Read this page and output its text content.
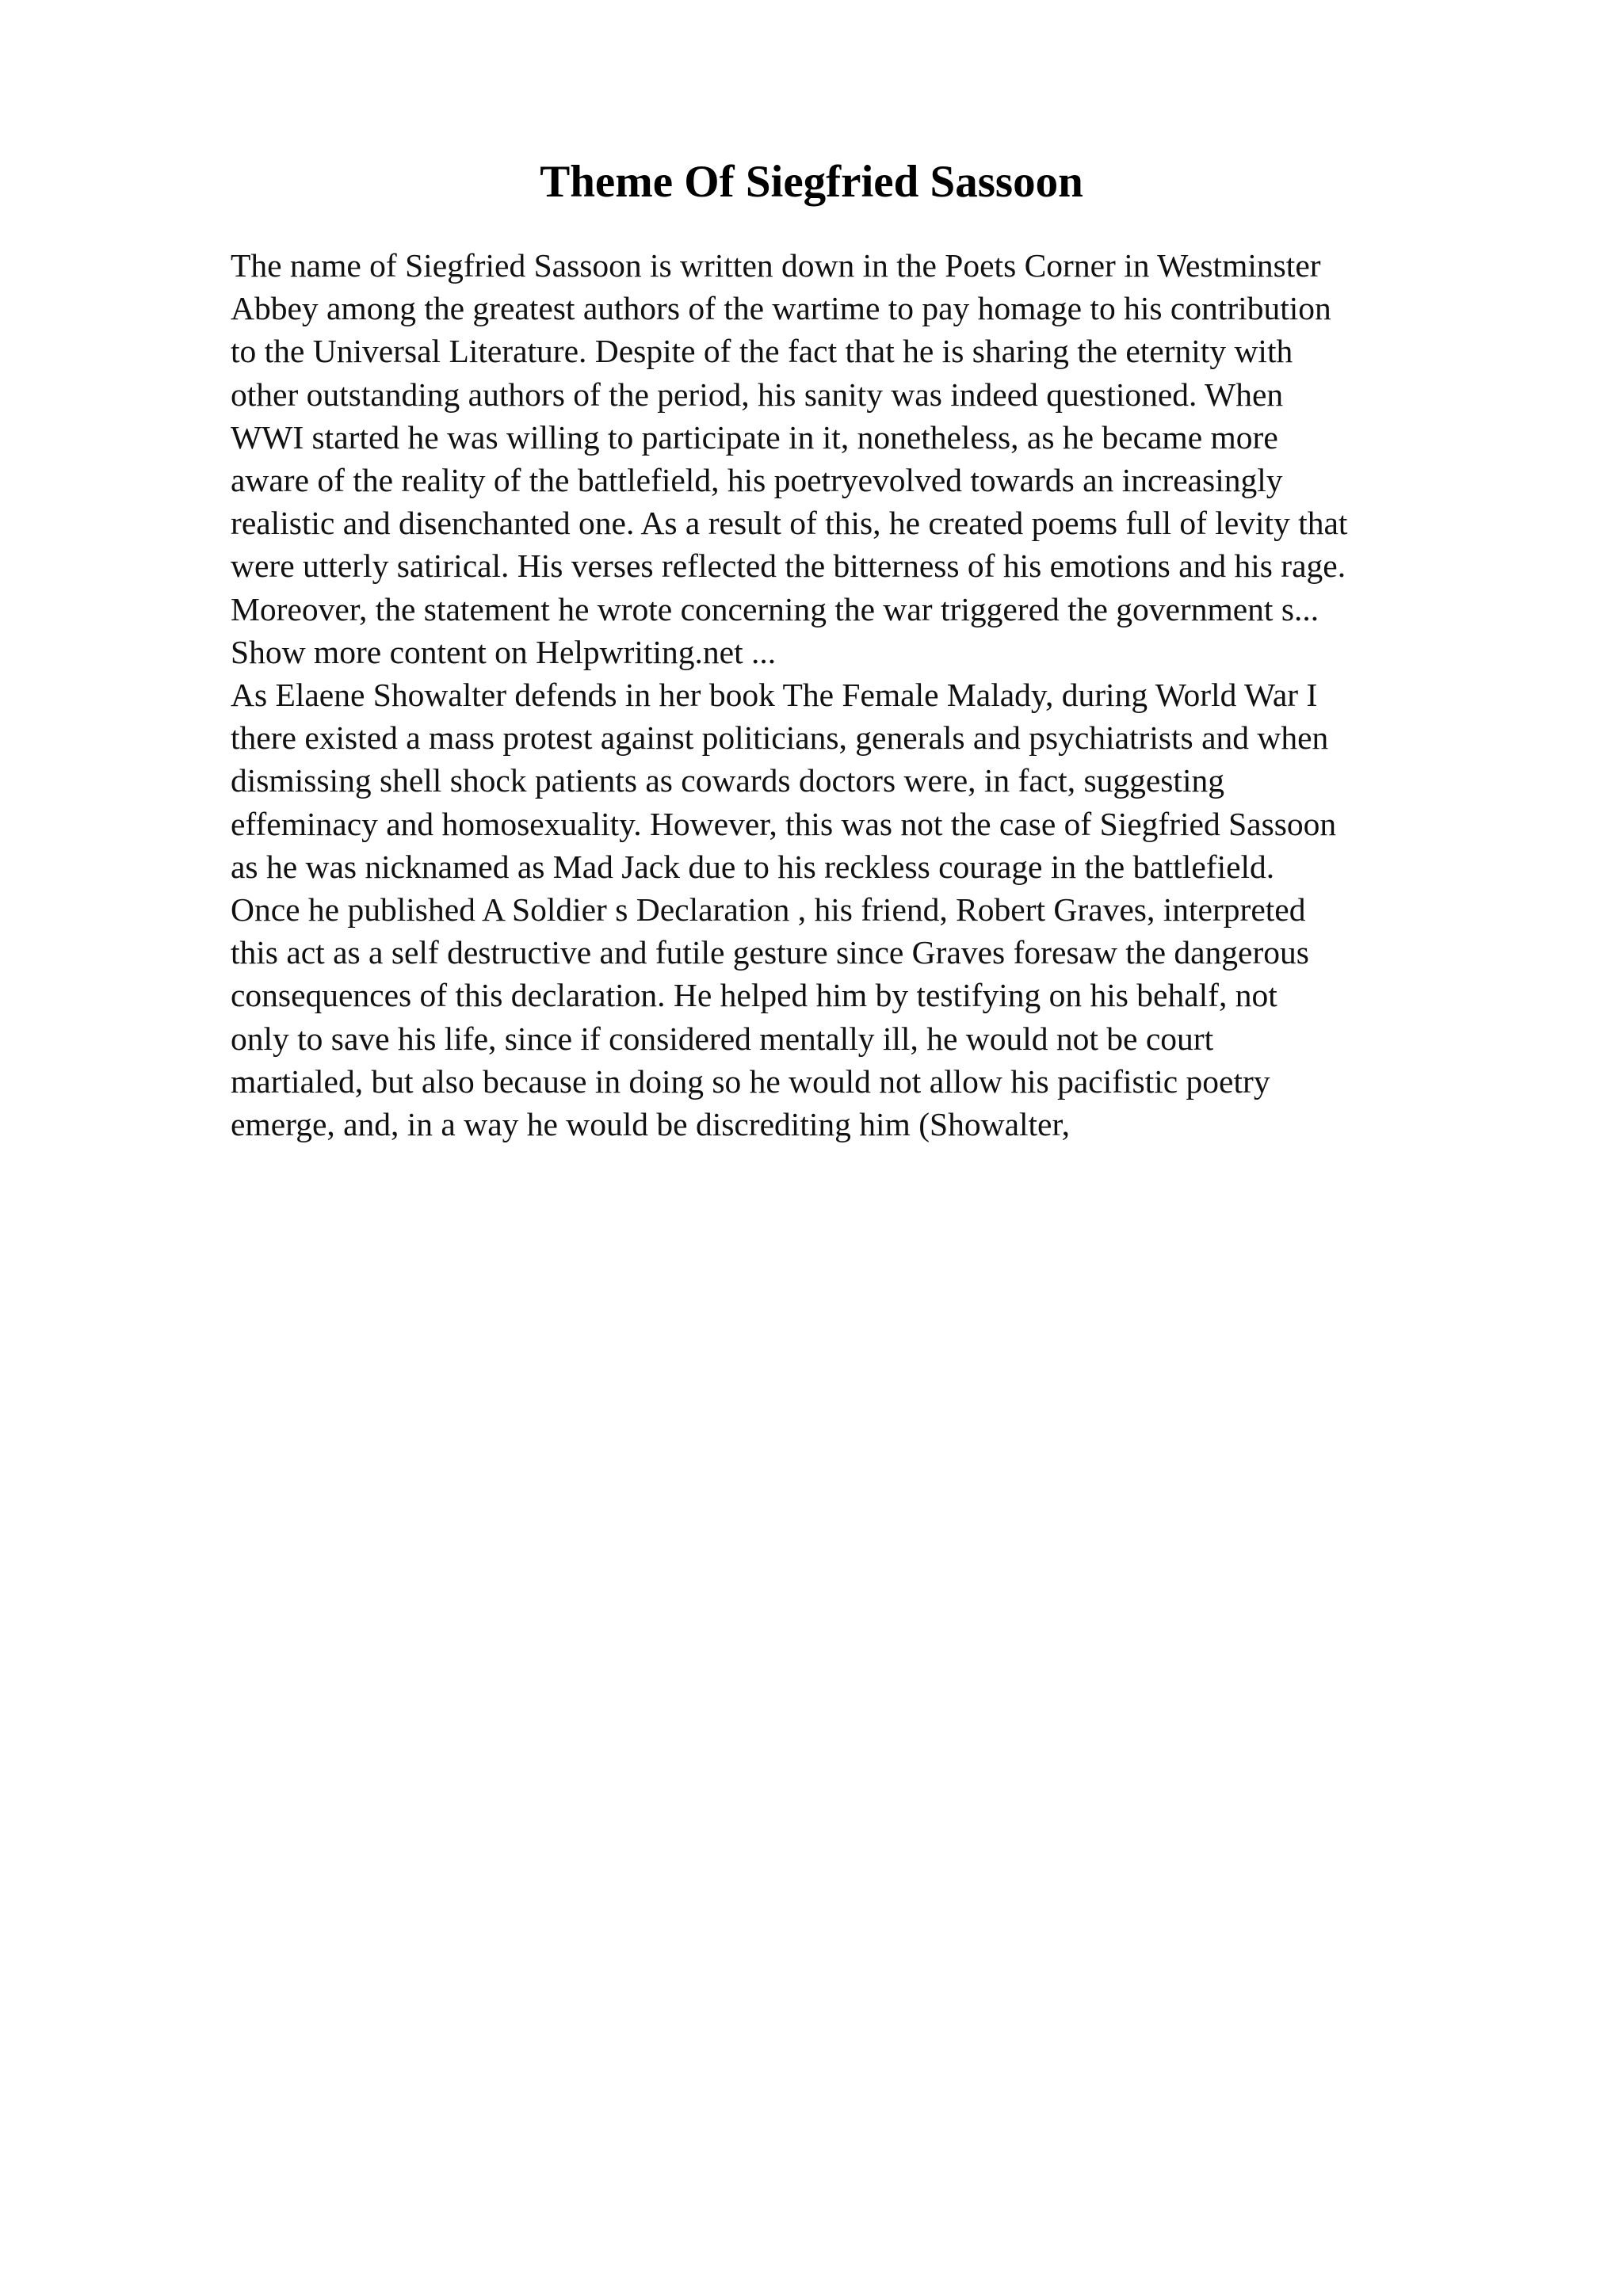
Theme Of Siegfried Sassoon
The name of Siegfried Sassoon is written down in the Poets Corner in Westminster
Abbey among the greatest authors of the wartime to pay homage to his contribution
to the Universal Literature. Despite of the fact that he is sharing the eternity with
other outstanding authors of the period, his sanity was indeed questioned. When
WWI started he was willing to participate in it, nonetheless, as he became more
aware of the reality of the battlefield, his poetryevolved towards an increasingly
realistic and disenchanted one. As a result of this, he created poems full of levity that
were utterly satirical. His verses reflected the bitterness of his emotions and his rage.
Moreover, the statement he wrote concerning the war triggered the government s...
Show more content on Helpwriting.net ...
As Elaene Showalter defends in her book The Female Malady, during World War I
there existed a mass protest against politicians, generals and psychiatrists and when
dismissing shell shock patients as cowards doctors were, in fact, suggesting
effeminacy and homosexuality. However, this was not the case of Siegfried Sassoon
as he was nicknamed as Mad Jack due to his reckless courage in the battlefield.
Once he published A Soldier s Declaration , his friend, Robert Graves, interpreted
this act as a self destructive and futile gesture since Graves foresaw the dangerous
consequences of this declaration. He helped him by testifying on his behalf, not
only to save his life, since if considered mentally ill, he would not be court
martialed, but also because in doing so he would not allow his pacifistic poetry
emerge, and, in a way he would be discrediting him (Showalter,
